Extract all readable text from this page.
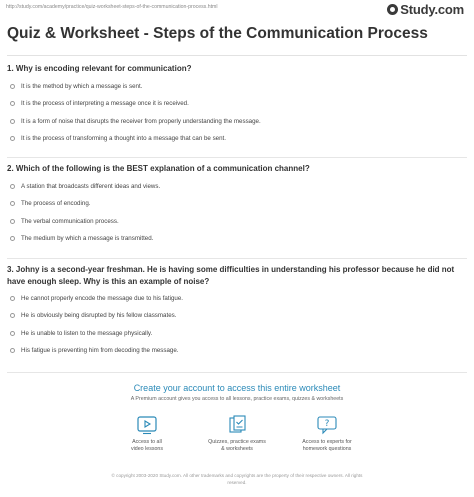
http://study.com/academy/practice/quiz-worksheet-steps-of-the-communication-process.html	Study.com
Quiz & Worksheet - Steps of the Communication Process
1. Why is encoding relevant for communication?
It is the method by which a message is sent.
It is the process of interpreting a message once it is received.
It is a form of noise that disrupts the receiver from properly understanding the message.
It is the process of transforming a thought into a message that can be sent.
2. Which of the following is the BEST explanation of a communication channel?
A station that broadcasts different ideas and views.
The process of encoding.
The verbal communication process.
The medium by which a message is transmitted.
3. Johny is a second-year freshman. He is having some difficulties in understanding his professor because he did not have enough sleep. Why is this an example of noise?
He cannot properly encode the message due to his fatigue.
He is obviously being disrupted by his fellow classmates.
He is unable to listen to the message physically.
His fatigue is preventing him from decoding the message.
Create your account to access this entire worksheet
A Premium account gives you access to all lessons, practice exams, quizzes & worksheets
Access to all
video lessons
Quizzes, practice exams
& worksheets
?
Access to experts for
homework questions
© copyright 2003-2020 Study.com. All other trademarks and copyrights are the property of their respective owners. All rights
reserved.
